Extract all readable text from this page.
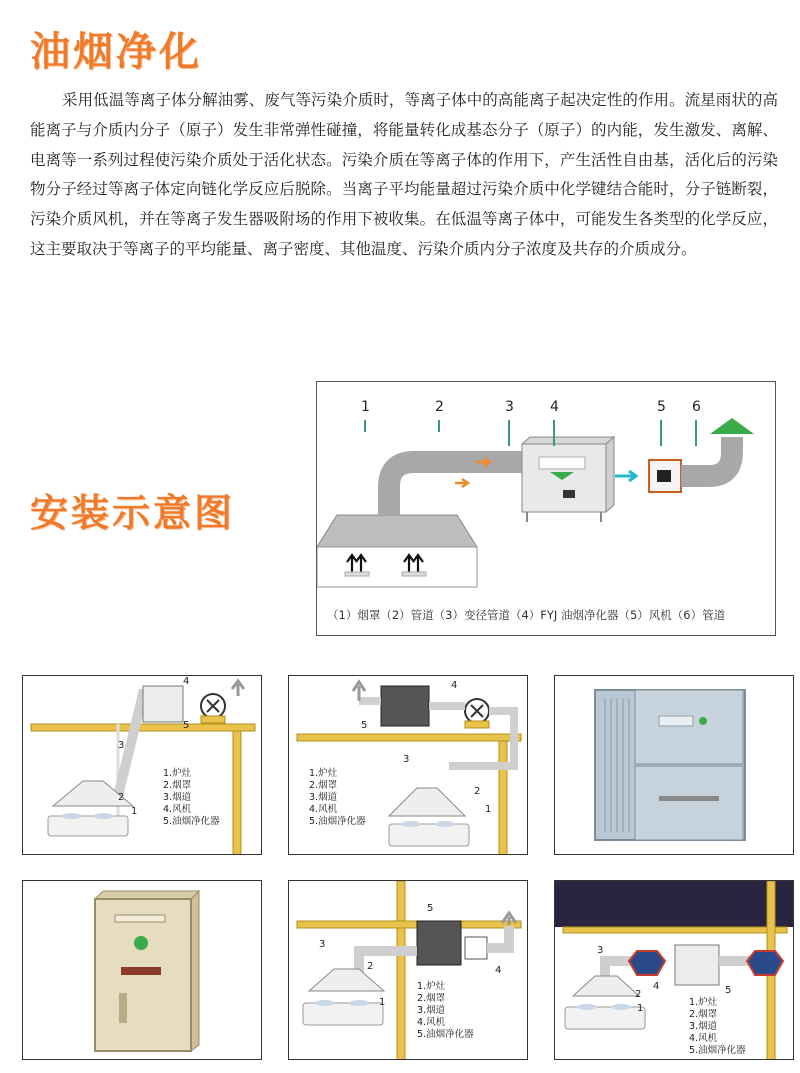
油烟净化

采用低温等离子体分解油雾、废气等污染介质时，等离子体中的高能离子起决定性的作用。流星雨状的高能离子与介质内分子（原子）发生非常弹性碰撞，将能量转化成基态分子（原子）的内能，发生激发、离解、电离等一系列过程使污染介质处于活化状态。污染介质在等离子体的作用下，产生活性自由基，活化后的污染物分子经过等离子体定向链化学反应后脱除。当离子平均能量超过污染介质中化学键结合能时，分子链断裂，污染介质风机，并在等离子发生器吸附场的作用下被收集。在低温等离子体中，可能发生各类型的化学反应，这主要取决于等离子的平均能量、离子密度、其他温度、污染介质内分子浓度及共存的介质成分。

安装示意图
1	2	3	4	5 6
（1）烟罩（2）管道（3）变径管道（4）FYJ 油烟净化器（5）风机（6）管道
4
5
3
2
1
1.炉灶
2.烟罩
3.烟道
4.风机
5.油烟净化器
4
5
3
2
1
1.炉灶
2.烟罩
3.烟道
4.风机
5.油烟净化器
5
3
2
1
4
1.炉灶
2.烟罩
3.烟道
4.风机
5.油烟净化器
3
2
1
4	5
1.炉灶
2.烟罩
3.烟道
4.风机
5.油烟净化器
